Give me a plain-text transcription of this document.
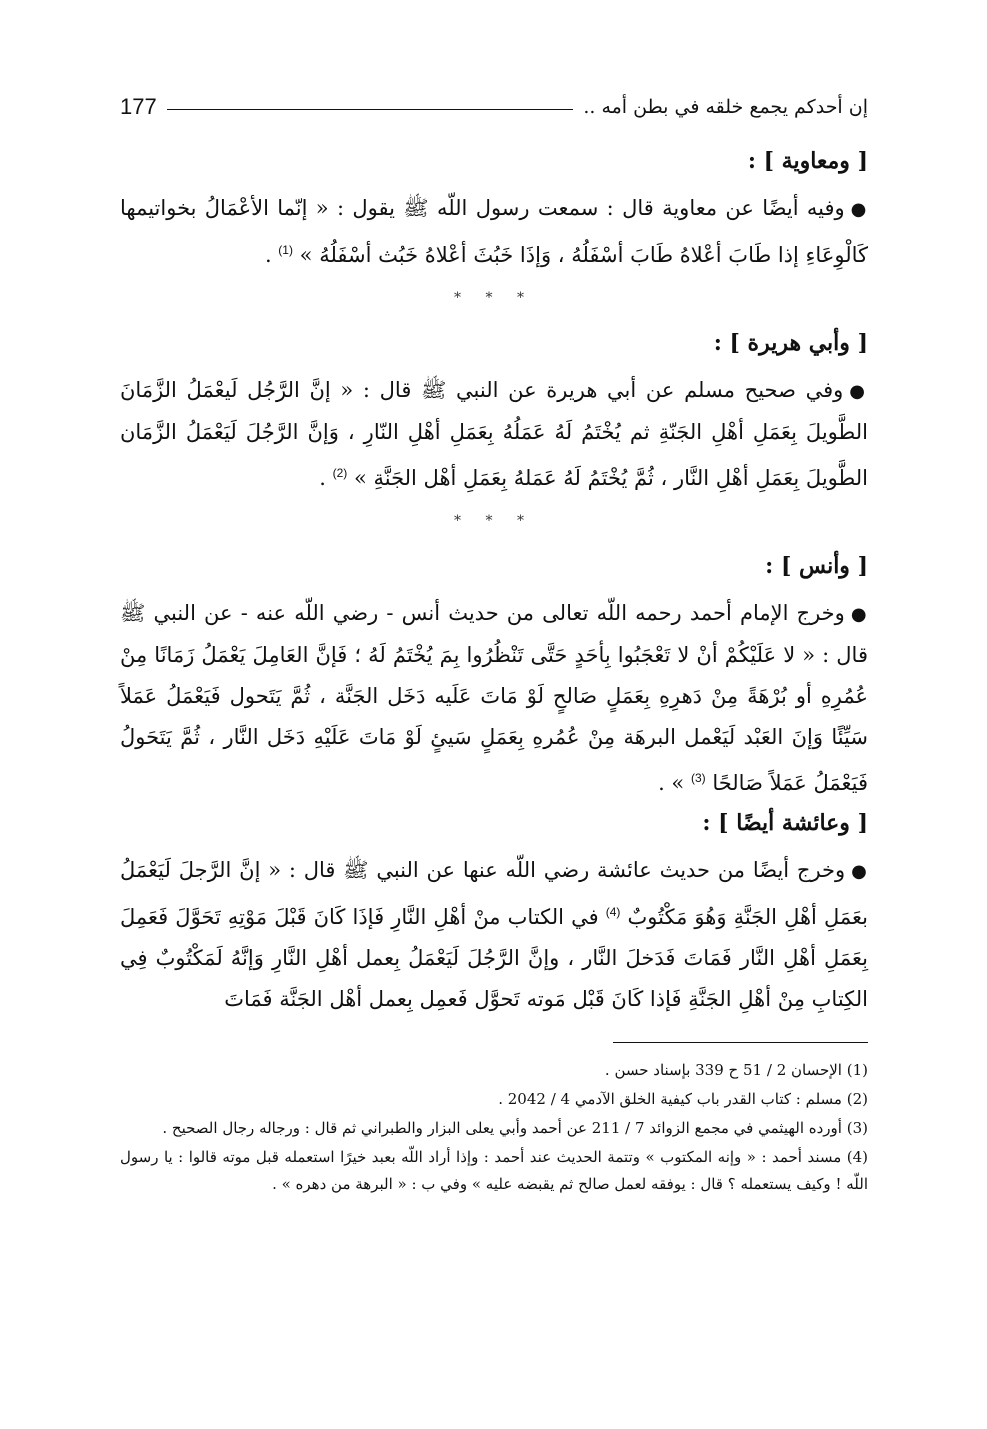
إن أحدكم يجمع خلقه في بطن أمه ..
177
[ ومعاوية ] :

●وفيه أيضًا عن معاوية قال : سمعت رسول اللّه ﷺ يقول : « إنّما الأعْمَالُ بخواتيمها كَالْوِعَاءِ إذا طَابَ أعْلاهُ طَابَ أسْفَلُهُ ، وَإذَا خَبُثَ أعْلاهُ خَبُث أسْفَلُهُ » $^{(1)}$ .

* * *
[ وأبي هريرة ] :

●وفي صحيح مسلم عن أبي هريرة عن النبي ﷺ قال : « إنَّ الرَّجُل لَيعْمَلُ الزَّمَانَ الطَّويلَ بِعَمَلِ أهْلِ الجَنّةِ ثم يُخْتَمُ لَهُ عَمَلُهُ بِعَمَلِ أهْلِ النّارِ ، وَإنَّ الرَّجُلَ لَيَعْمَلُ الزَّمَان الطَّويلَ بِعَمَلِ أهْلِ النَّار ، ثُمَّ يُخْتَمُ لَهُ عَمَلهُ بِعَمَلِ أهْل الجَنَّةِ » $^{(2)}$ .

* * *
[ وأنس ] :

●وخرج الإمام أحمد رحمه اللّه تعالى من حديث أنس - رضي اللّه عنه - عن النبي ﷺ قال : « لا عَلَيْكُمْ أنْ لا تَعْجَبُوا بِأحَدٍ حَتَّى تَنْظُرُوا بِمَ يُخْتَمُ لَهُ ؛ فَإنَّ العَامِلَ يَعْمَلُ زَمَانًا مِنْ عُمُرِهِ أو بُرْهَةً مِنْ دَهرِهِ بِعَمَلٍ صَالحٍ لَوْ مَاتَ عَلَيه دَخَل الجَنَّة ، ثُمَّ يَتَحول فَيَعْمَلُ عَمَلاً سَيِّئًا وَإنَ العَبْد لَيَعْمل البرهَة مِنْ عُمُرهِ بِعَمَلٍ سَيئٍ لَوْ مَاتَ عَلَيْهِ دَخَل النَّار ، ثُمَّ يَتَحَولُ فَيَعْمَلُ عَمَلاً صَالحًا $^{(3)}$ » .

[ وعائشة أيضًا ] :

●وخرج أيضًا من حديث عائشة رضي اللّه عنها عن النبي ﷺ قال : « إنَّ الرَّجلَ لَيَعْمَلُ بعَمَلِ أهْلِ الجَنَّةِ وَهُوَ مَكْتُوبٌ $^{(4)}$ في الكتاب منْ أهْلِ النَّارِ فَإذَا كَانَ قَبْلَ مَوْتِهِ تَحَوَّلَ فَعَمِلَ بِعَمَلِ أهْلِ النَّار فَمَاتَ فَدَخلَ النَّار ، وإنَّ الرَّجُلَ لَيَعْمَلُ بِعمل أهْلِ النَّارِ وَإنَّهُ لَمَكْتُوبٌ فِي الكِتابِ مِنْ أهْلِ الجَنَّةِ فَإذا كَانَ قَبْل مَوته تَحوَّل فَعمِل بِعمل أهْل الجَنَّة فَمَاتَ

(1) الإحسان 2 / 51 ح 339 بإسناد حسن .

(2) مسلم : كتاب القدر باب كيفية الخلق الآدمي 4 / 2042 .

(3) أورده الهيثمي في مجمع الزوائد 7 / 211 عن أحمد وأبي يعلى البزار والطبراني ثم قال : ورجاله رجال الصحيح .

(4) مسند أحمد : « وإنه المكتوب » وتتمة الحديث عند أحمد : وإذا أراد اللّه بعبد خيرًا استعمله قبل موته قالوا : يا رسول اللّه ! وكيف يستعمله ؟ قال : يوفقه لعمل صالح ثم يقبضه عليه » وفي ب : « البرهة من دهره » .
